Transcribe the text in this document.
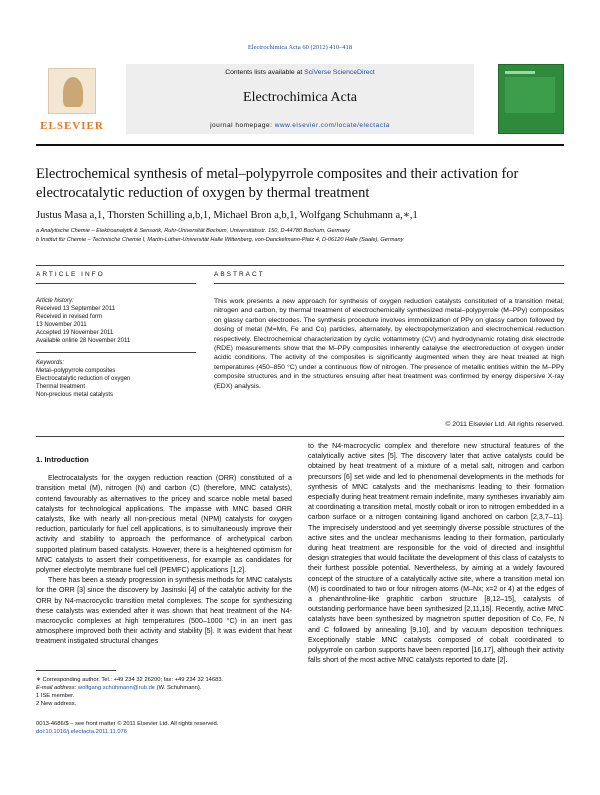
Electrochimica Acta 60 (2012) 410–418
ELSEVIER
Contents lists available at SciVerse ScienceDirect
Electrochimica Acta
journal homepage: www.elsevier.com/locate/electacta
Electrochemical synthesis of metal–polypyrrole composites and their activation for electrocatalytic reduction of oxygen by thermal treatment
Justus Masa a,1, Thorsten Schilling a,b,1, Michael Bron a,b,1, Wolfgang Schuhmann a,∗,1
a Analytische Chemie – Elektroanalytik & Sensorik, Ruhr-Universität Bochum, Universitätsstr. 150, D-44780 Bochum, Germany
b Institut für Chemie – Technische Chemie I, Martin-Luther-Universität Halle Wittenberg, von-Danckelmann-Platz 4, D-06120 Halle (Saale), Germany
ARTICLE INFO	ABSTRACT
Article history:
Received 13 September 2011
Received in revised form
13 November 2011
Accepted 19 November 2011
Available online 28 November 2011
Keywords:
Metal–polypyrrole composites
Electrocatalytic reduction of oxygen
Thermal treatment
Non-precious metal catalysts
This work presents a new approach for synthesis of oxygen reduction catalysts constituted of a transition metal, nitrogen and carbon, by thermal treatment of electrochemically synthesized metal–polypyrrole (M–PPy) composites on glassy carbon electrodes. The synthesis procedure involves immobilization of PPy on glassy carbon followed by dosing of metal (M=Mn, Fe and Co) particles, alternately, by electropolymerization and electrochemical reduction respectively. Electrochemical characterization by cyclic voltammetry (CV) and hydrodynamic rotating disk electrode (RDE) measurements show that the M–PPy composites inherently catalyse the electroreduction of oxygen under acidic conditions. The activity of the composites is significantly augmented when they are heat treated at high temperatures (450–850 °C) under a continuous flow of nitrogen. The presence of metallic entities within the M–PPy composite structures and in the structures ensuing after heat treatment was confirmed by energy dispersive X-ray (EDX) analysis.
© 2011 Elsevier Ltd. All rights reserved.

1. Introduction

Electrocatalysts for the oxygen reduction reaction (ORR) constituted of a transition metal (M), nitrogen (N) and carbon (C) (therefore, MNC catalysts), contend favourably as alternatives to the pricey and scarce noble metal based catalysts for technological applications. The impasse with MNC based ORR catalysts, like with nearly all non-precious metal (NPM) catalysts for oxygen reduction, particularly for fuel cell applications, is to simultaneously improve their activity and stability to approach the performance of archetypical carbon supported platinum based catalysts. However, there is a heightened optimism for MNC catalysts to assert their competitiveness, for example as candidates for polymer electrolyte membrane fuel cell (PEMFC) applications [1,2].

There has been a steady progression in synthesis methods for MNC catalysts for the ORR [3] since the discovery by Jasinski [4] of the catalytic activity for the ORR by N4-macrocyclic transition metal complexes. The scope for synthesizing these catalysts was extended after it was shown that heat treatment of the N4-macrocyclic complexes at high temperatures (500–1000 °C) in an inert gas atmosphere improved both their activity and stability [5]. It was evident that heat treatment instigated structural changes

to the N4-macrocyclic complex and therefore new structural features of the catalytically active sites [5]. The discovery later that active catalysts could be obtained by heat treatment of a mixture of a metal salt, nitrogen and carbon precursors [6] set wide and led to phenomenal developments in the methods for synthesis of MNC catalysts and the mechanisms leading to their formation especially during heat treatment remain indefinite, many syntheses invariably aim at coordinating a transition metal, mostly cobalt or iron to nitrogen embedded in a carbon surface or a nitrogen containing ligand anchored on carbon [2,3,7–11]. The imprecisely understood and yet seemingly diverse possible structures of the active sites and the unclear mechanisms leading to their formation, particularly during heat treatment are responsible for the void of directed and insightful design strategies that would facilitate the development of this class of catalysts to their furthest possible potential. Nevertheless, by aiming at a widely favoured concept of the structure of a catalytically active site, where a transition metal ion (M) is coordinated to two or four nitrogen atoms (M–Nx; x=2 or 4) at the edges of a phenanthroline-like graphitic carbon structure [8,12–15], catalysts of outstanding performance have been synthesized [2,11,15]. Recently, active MNC catalysts have been synthesized by magnetron sputter deposition of Co, Fe, N and C followed by annealing [9,10], and by vacuum deposition techniques. Exceptionally stable MNC catalysts composed of cobalt coordinated to polypyrrole on carbon supports have been reported [16,17], although their activity falls short of the most active MNC catalysts reported to date [2].

∗ Corresponding author. Tel.: +49 234 32 26200; fax: +49 234 32 14683.
E-mail address: wolfgang.schuhmann@rub.de (W. Schuhmann).
1 ISE member.
2 New address.
0013-4686/$ – see front matter © 2011 Elsevier Ltd. All rights reserved.
doi:10.1016/j.electacta.2011.11.076
